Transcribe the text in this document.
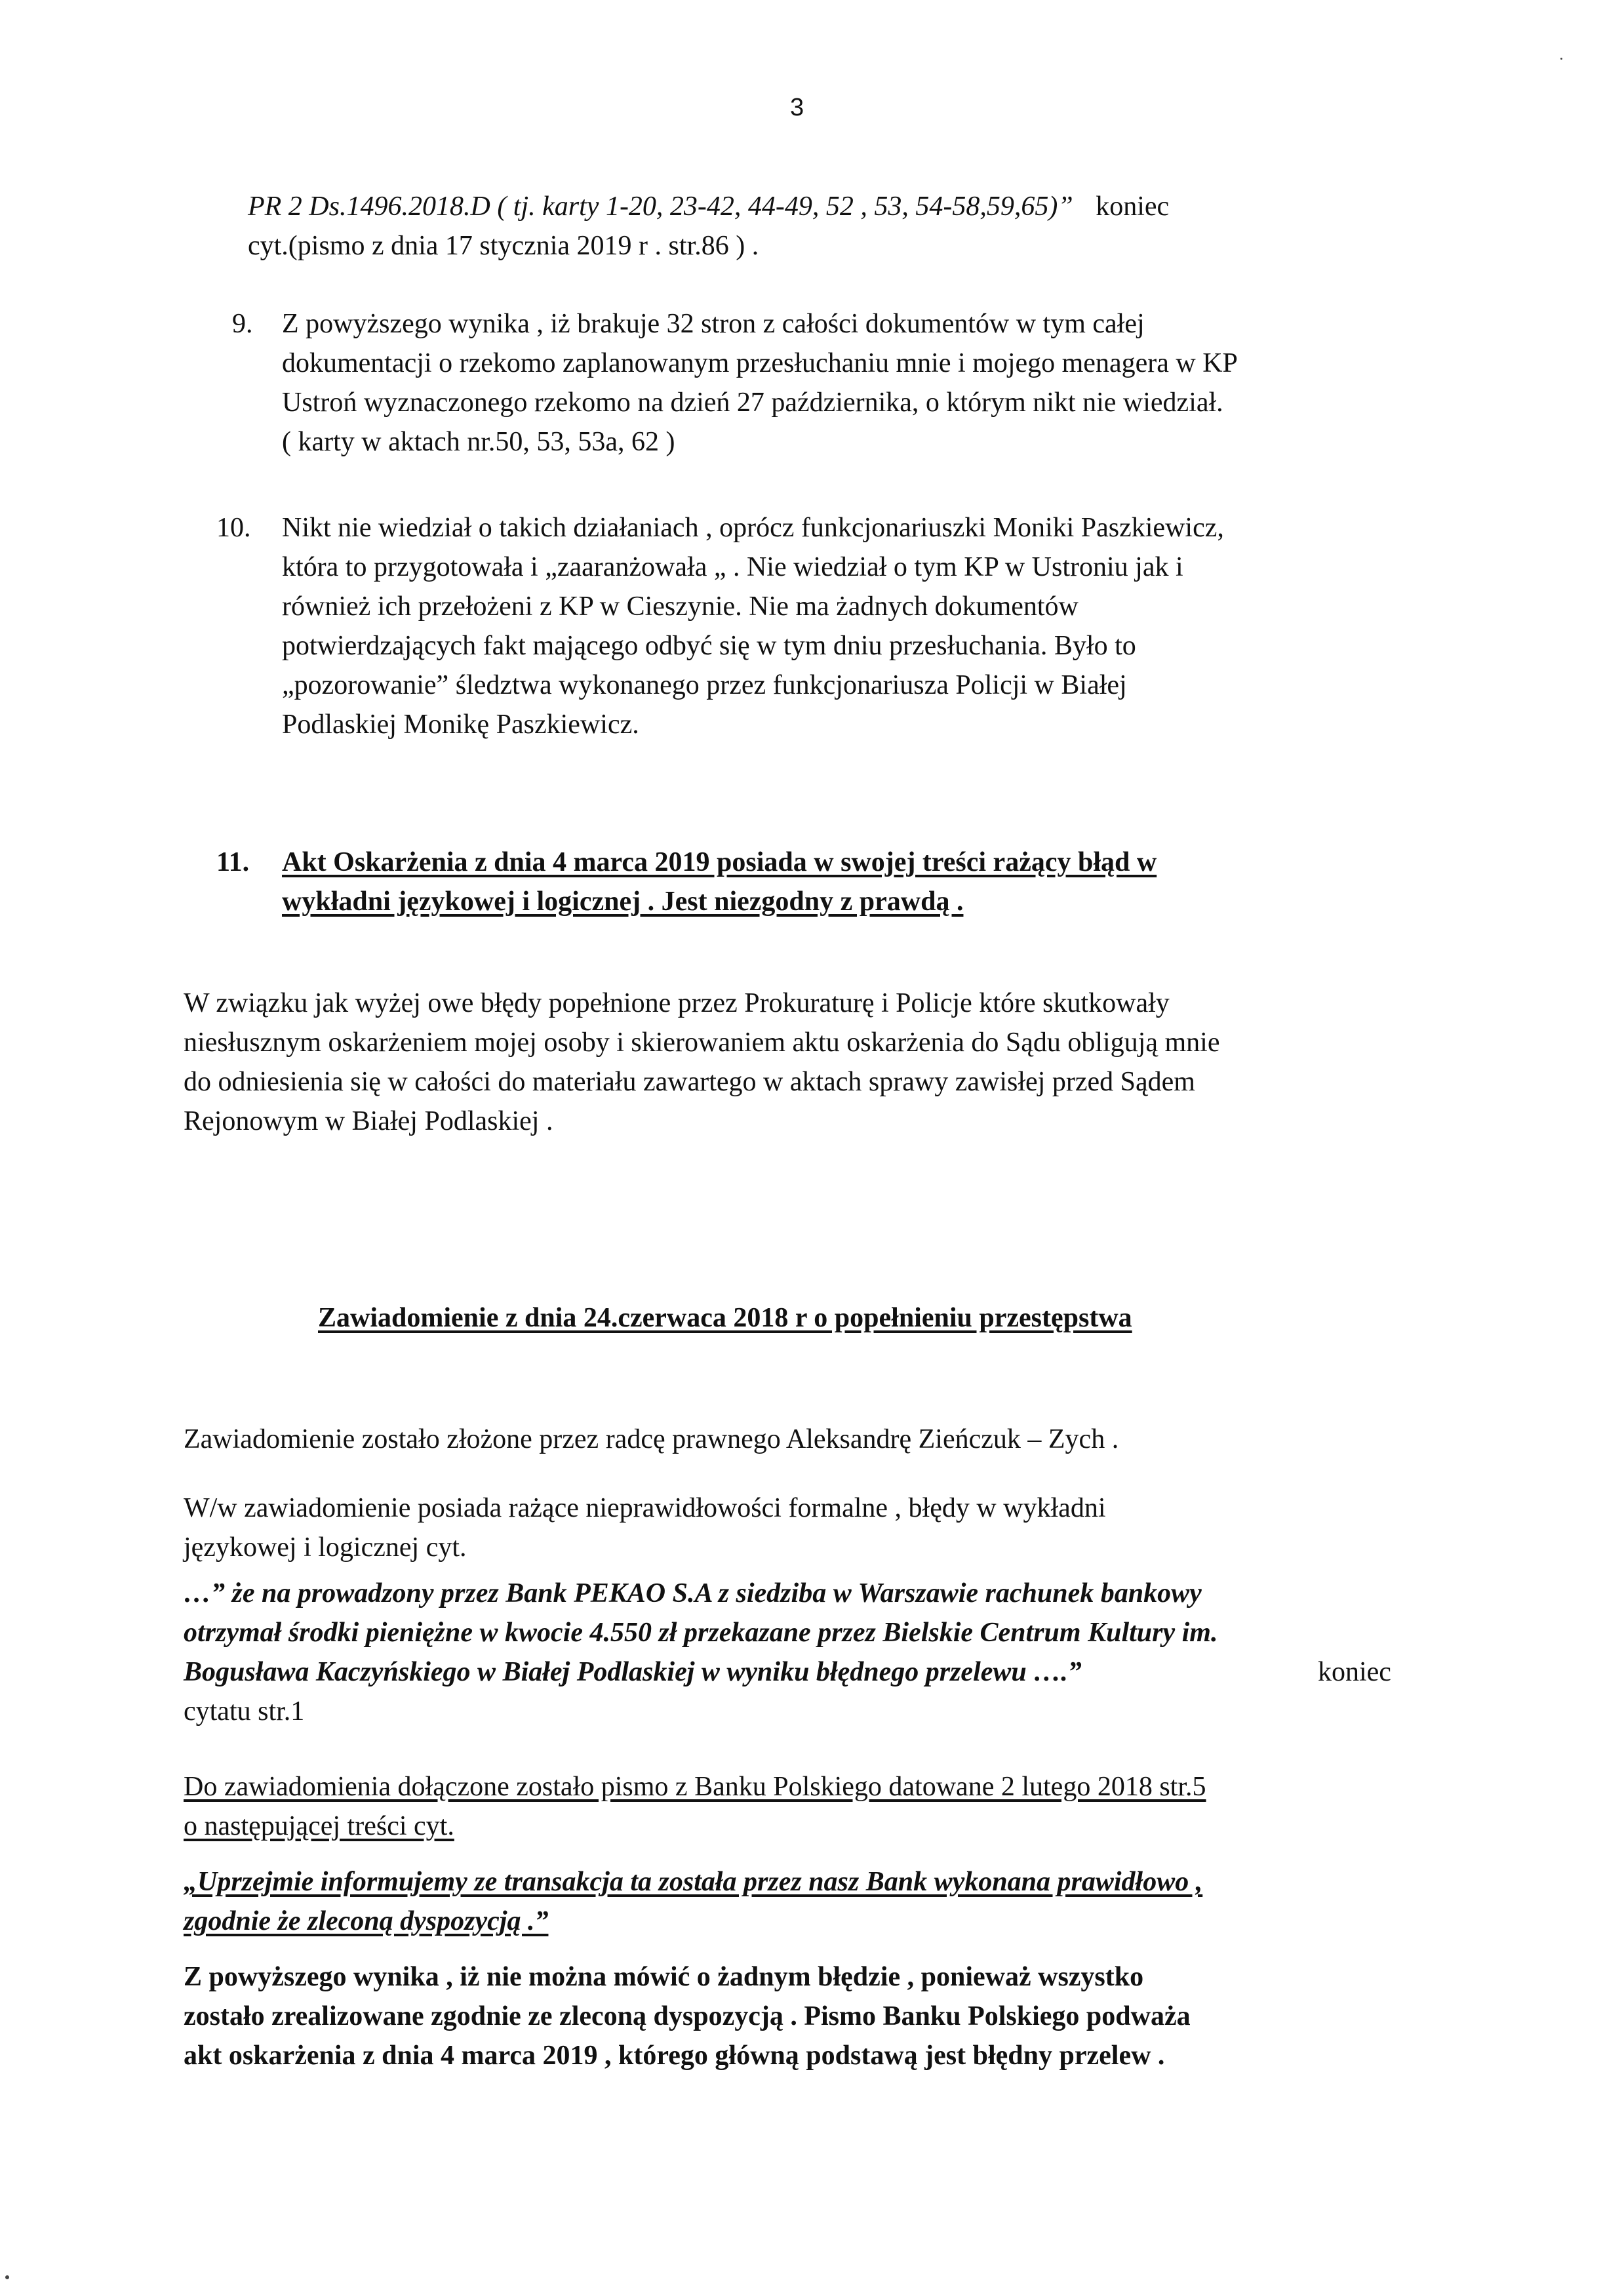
3
PR 2 Ds.1496.2018.D ( tj. karty 1-20, 23-42, 44-49, 52 , 53, 54-58,59,65)” koniec
cyt.(pismo z dnia 17 stycznia 2019 r . str.86 ) .
9. Z powyższego wynika , iż brakuje 32 stron z całości dokumentów w tym całej
dokumentacji o rzekomo zaplanowanym przesłuchaniu mnie i mojego menagera w KP
Ustroń wyznaczonego rzekomo na dzień 27 października, o którym nikt nie wiedział.
( karty w aktach nr.50, 53, 53a, 62 )
10. Nikt nie wiedział o takich działaniach , oprócz funkcjonariuszki Moniki Paszkiewicz,
która to przygotowała i „zaaranżowała „ . Nie wiedział o tym KP w Ustroniu jak i
również ich przełożeni z KP w Cieszynie. Nie ma żadnych dokumentów
potwierdzających fakt mającego odbyć się w tym dniu przesłuchania. Było to
„pozorowanie” śledztwa wykonanego przez funkcjonariusza Policji w Białej
Podlaskiej Monikę Paszkiewicz.
11. Akt Oskarżenia z dnia 4 marca 2019 posiada w swojej treści rażący błąd w
wykładni językowej i logicznej . Jest niezgodny z prawdą .
W związku jak wyżej owe błędy popełnione przez Prokuraturę i Policje które skutkowały
niesłusznym oskarżeniem mojej osoby i skierowaniem aktu oskarżenia do Sądu obligują mnie
do odniesienia się w całości do materiału zawartego w aktach sprawy zawisłej przed Sądem
Rejonowym w Białej Podlaskiej .
Zawiadomienie z dnia 24.czerwaca 2018 r o popełnieniu przestępstwa
Zawiadomienie zostało złożone przez radcę prawnego Aleksandrę Zieńczuk – Zych .
W/w zawiadomienie posiada rażące nieprawidłowości formalne , błędy w wykładni
językowej i logicznej cyt.
…” że na prowadzony przez Bank PEKAO S.A z siedziba w Warszawie rachunek bankowy
otrzymał środki pieniężne w kwocie 4.550 zł przekazane przez Bielskie Centrum Kultury im.
Bogusława Kaczyńskiego w Białej Podlaskiej w wyniku błędnego przelewu ….”	koniec
cytatu str.1
Do zawiadomienia dołączone zostało pismo z Banku Polskiego datowane 2 lutego 2018 str.5
o następującej treści cyt.
„Uprzejmie informujemy ze transakcja ta została przez nasz Bank wykonana prawidłowo ,
zgodnie że zleconą dyspozycją .”
Z powyższego wynika , iż nie można mówić o żadnym błędzie , ponieważ wszystko
zostało zrealizowane zgodnie ze zleconą dyspozycją . Pismo Banku Polskiego podważa
akt oskarżenia z dnia 4 marca 2019 , którego główną podstawą jest błędny przelew .
